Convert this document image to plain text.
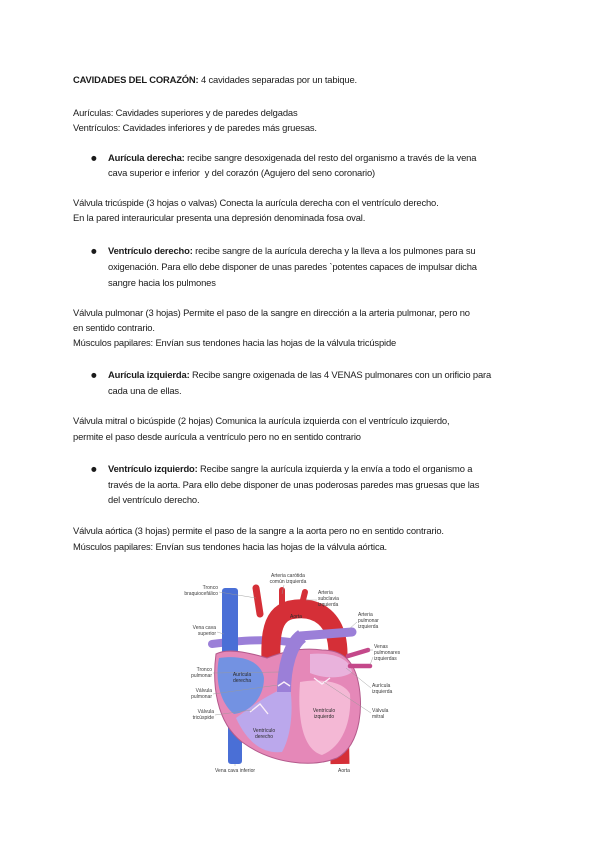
CAVIDADES DEL CORAZÓN: 4 cavidades separadas por un tabique.
Aurículas: Cavidades superiores y de paredes delgadas
Ventrículos: Cavidades inferiores y de paredes más gruesas.
● Aurícula derecha: recibe sangre desoxigenada del resto del organismo a través de la vena
cava superior e inferior  y del corazón (Agujero del seno coronario)
Válvula tricúspide (3 hojas o valvas) Conecta la aurícula derecha con el ventrículo derecho.
En la pared interauricular presenta una depresión denominada fosa oval.
● Ventrículo derecho: recibe sangre de la aurícula derecha y la lleva a los pulmones para su
oxigenación. Para ello debe disponer de unas paredes `potentes capaces de impulsar dicha
sangre hacia los pulmones
Válvula pulmonar (3 hojas) Permite el paso de la sangre en dirección a la arteria pulmonar, pero no
en sentido contrario.
Músculos papilares: Envían sus tendones hacia las hojas de la válvula tricúspide
● Aurícula izquierda: Recibe sangre oxigenada de las 4 VENAS pulmonares con un orificio para
cada una de ellas.
Válvula mitral o bicúspide (2 hojas) Comunica la aurícula izquierda con el ventrículo izquierdo,
permite el paso desde aurícula a ventrículo pero no en sentido contrario
● Ventrículo izquierdo: Recibe sangre la aurícula izquierda y la envía a todo el organismo a
través de la aorta. Para ello debe disponer de unas poderosas paredes mas gruesas que las
del ventrículo derecho.
Válvula aórtica (3 hojas) permite el paso de la sangre a la aorta pero no en sentido contrario.
Músculos papilares: Envían sus tendones hacia las hojas de la válvula aórtica.
Tronco braquiocefálico
Arteria carótida común izquierda
Arteria subclavia izquierda
Aorta	Arteria pulmonar izquierda
Vena cava superior
Venas pulmonares izquierdas
Aurícula derecha
Tronco pulmonar
Válvula pulmonar
Válvula tricúspide
Aurícula izquierda
Válvula mitral
Ventrículo derecho
Ventrículo izquierdo
Vena cava inferior	Aorta
